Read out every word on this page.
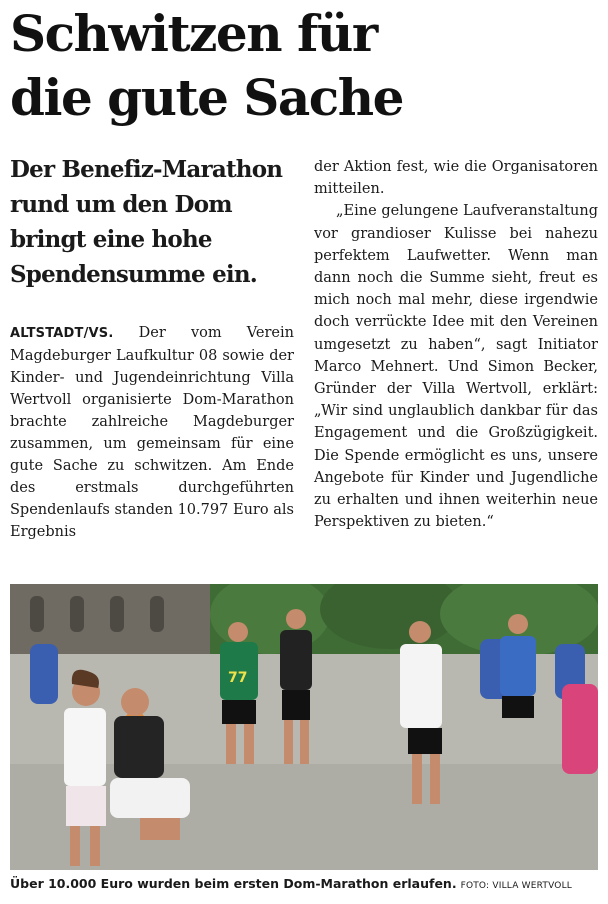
Schwitzen für
die gute Sache
Der Benefiz-Marathon rund um den Dom bringt eine hohe Spendensumme ein.

ALTSTADT/VS. Der vom Verein Magdeburger Laufkultur 08 sowie der Kinder- und Jugendeinrichtung Villa Wertvoll organisierte Dom-Marathon brachte zahlreiche Magdeburger zusammen, um gemeinsam für eine gute Sache zu schwitzen. Am Ende des erstmals durchgeführten Spendenlaufs standen 10.797 Euro als Ergebnis

der Aktion fest, wie die Organisatoren mitteilen.

„Eine gelungene Laufveranstaltung vor grandioser Kulisse bei nahezu perfektem Laufwetter. Wenn man dann noch die Summe sieht, freut es mich noch mal mehr, diese irgendwie doch verrückte Idee mit den Vereinen umgesetzt zu haben“, sagt Initiator Marco Mehnert. Und Simon Becker, Gründer der Villa Wertvoll, erklärt: „Wir sind unglaublich dankbar für das Engagement und die Großzügigkeit. Die Spende ermöglicht es uns, unsere Angebote für Kinder und Jugendliche zu erhalten und ihnen weiterhin neue Perspektiven zu bieten.“

77
Über 10.000 Euro wurden beim ersten Dom-Marathon erlaufen. FOTO: VILLA WERTVOLL
